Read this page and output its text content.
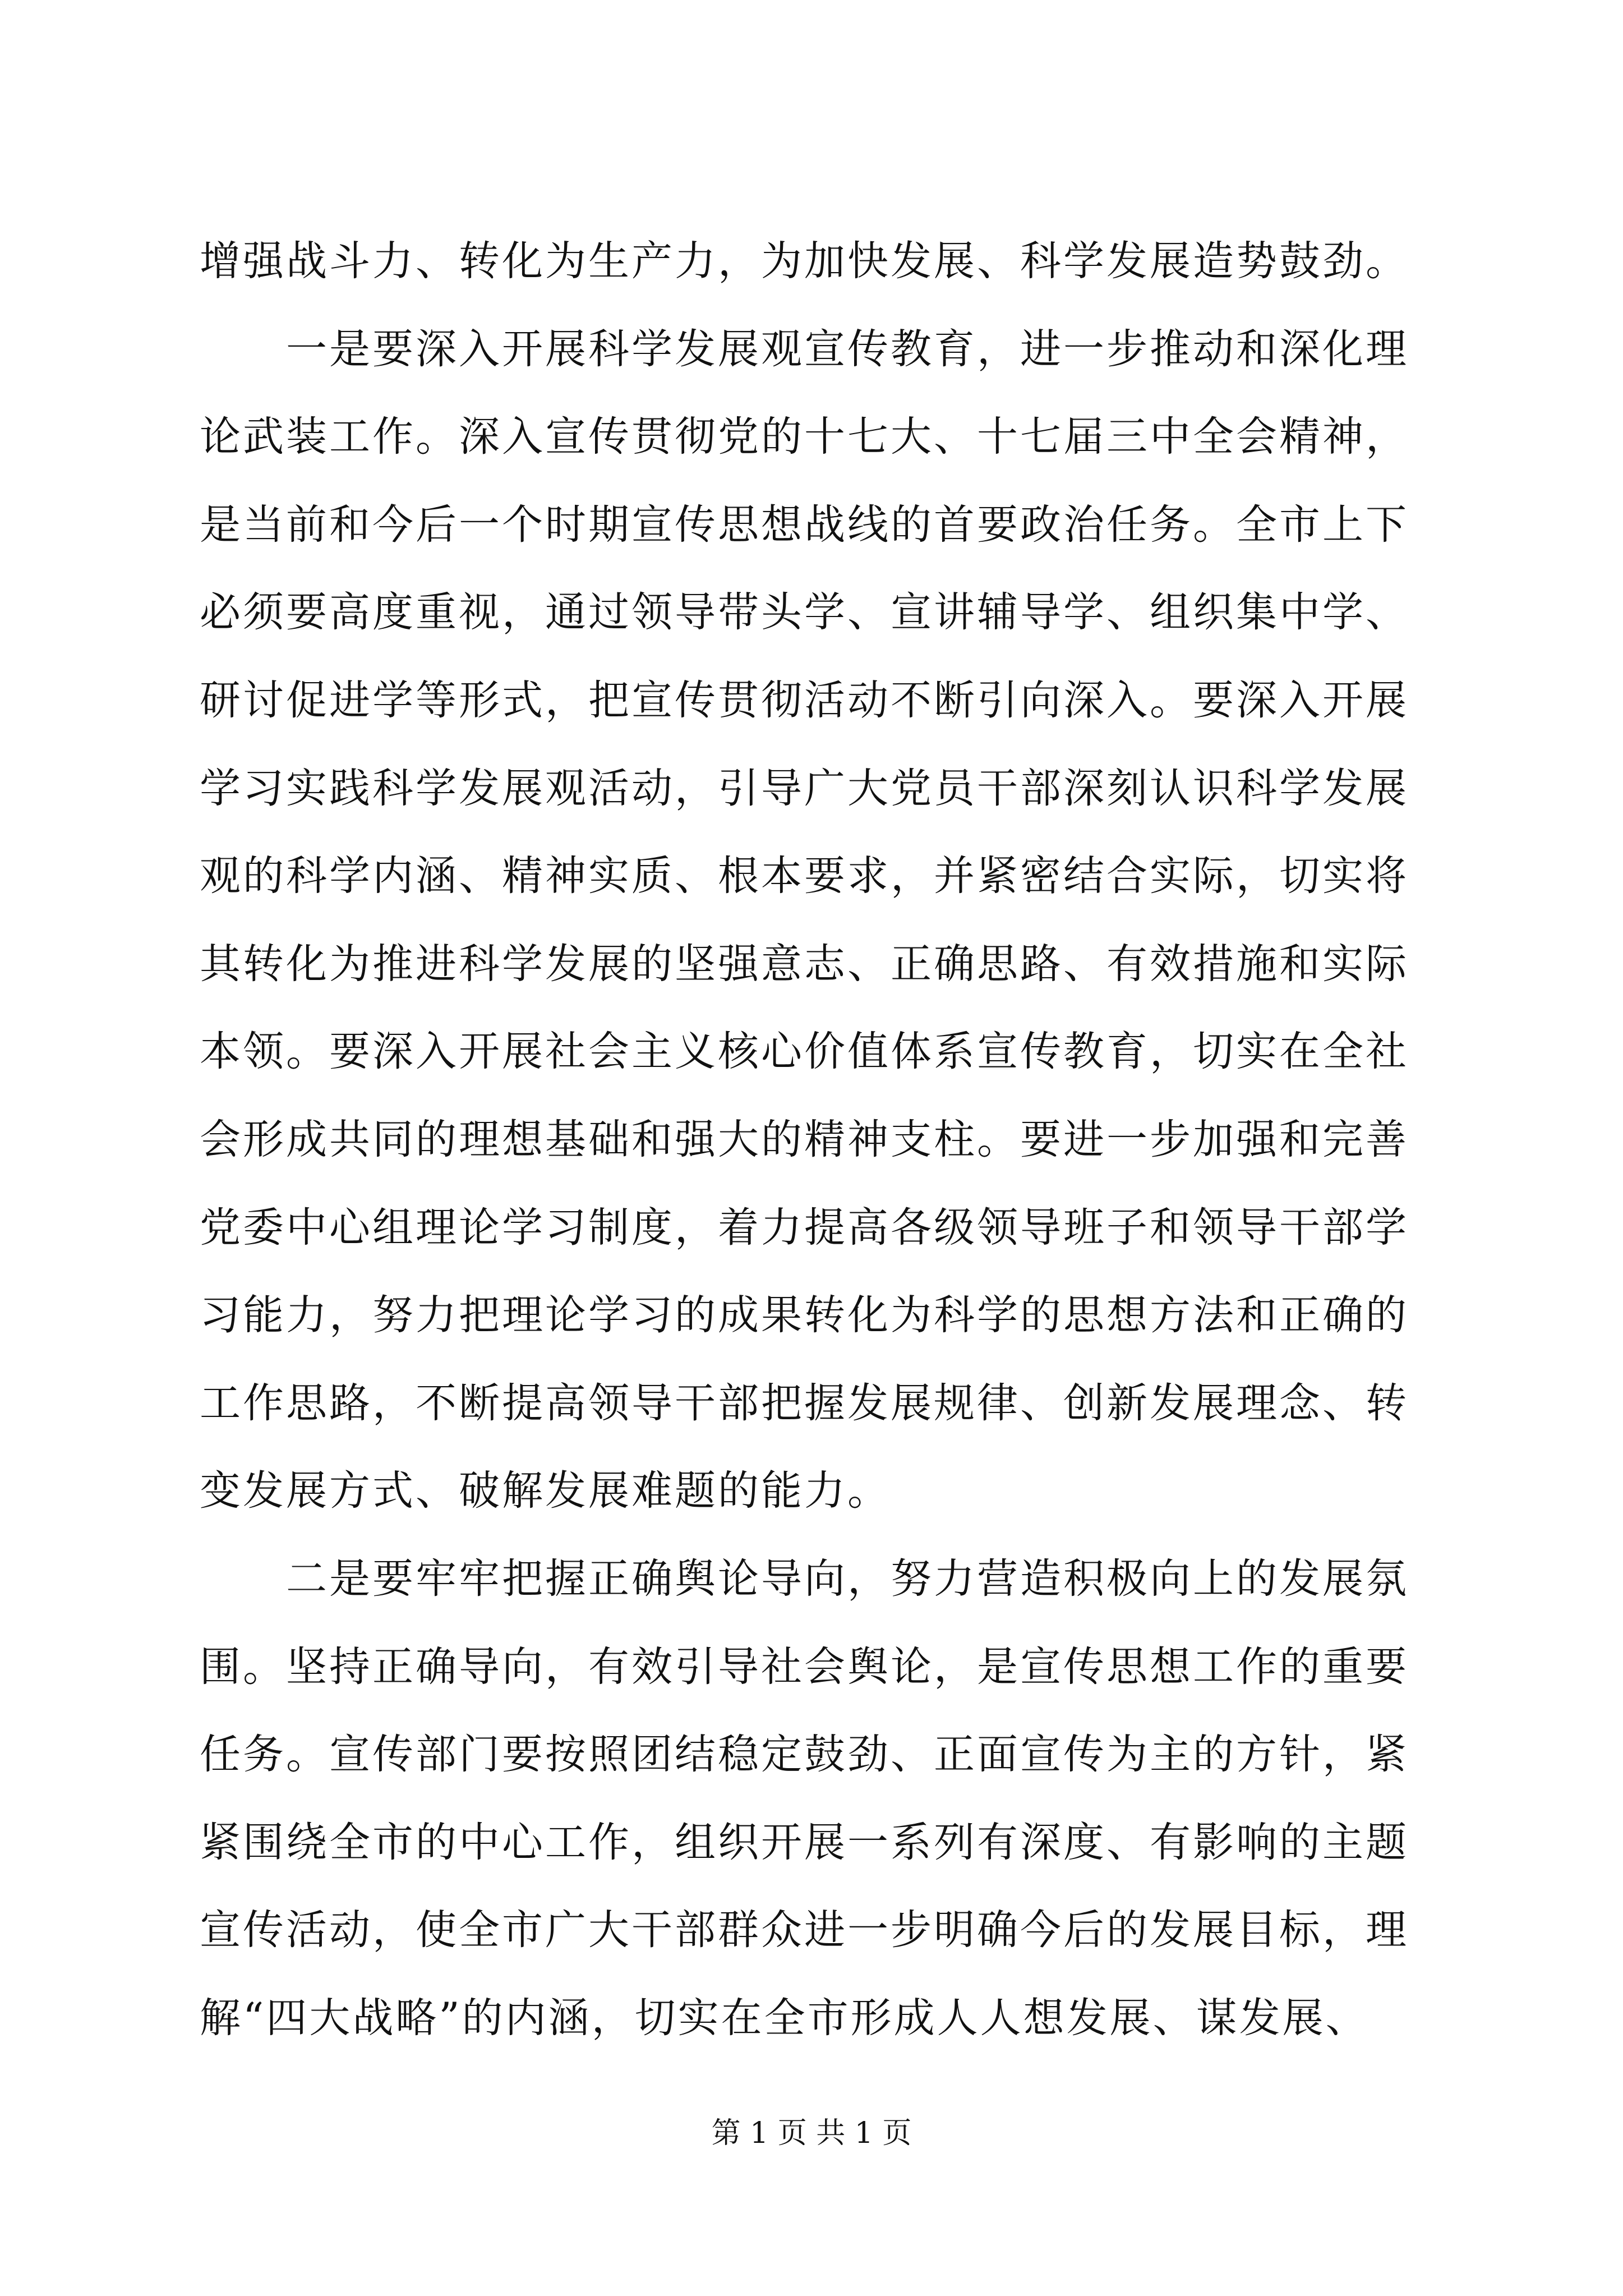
增强战斗力、转化为生产力，为加快发展、科学发展造势鼓劲。
　　一是要深入开展科学发展观宣传教育，进一步推动和深化理
论武装工作。深入宣传贯彻党的十七大、十七届三中全会精神，
是当前和今后一个时期宣传思想战线的首要政治任务。全市上下
必须要高度重视，通过领导带头学、宣讲辅导学、组织集中学、
研讨促进学等形式，把宣传贯彻活动不断引向深入。要深入开展
学习实践科学发展观活动，引导广大党员干部深刻认识科学发展
观的科学内涵、精神实质、根本要求，并紧密结合实际，切实将
其转化为推进科学发展的坚强意志、正确思路、有效措施和实际
本领。要深入开展社会主义核心价值体系宣传教育，切实在全社
会形成共同的理想基础和强大的精神支柱。要进一步加强和完善
党委中心组理论学习制度，着力提高各级领导班子和领导干部学
习能力，努力把理论学习的成果转化为科学的思想方法和正确的
工作思路，不断提高领导干部把握发展规律、创新发展理念、转
变发展方式、破解发展难题的能力。
　　二是要牢牢把握正确舆论导向，努力营造积极向上的发展氛
围。坚持正确导向，有效引导社会舆论，是宣传思想工作的重要
任务。宣传部门要按照团结稳定鼓劲、正面宣传为主的方针，紧
紧围绕全市的中心工作，组织开展一系列有深度、有影响的主题
宣传活动，使全市广大干部群众进一步明确今后的发展目标，理
解“四大战略”的内涵，切实在全市形成人人想发展、谋发展、
第 1 页 共 1 页
